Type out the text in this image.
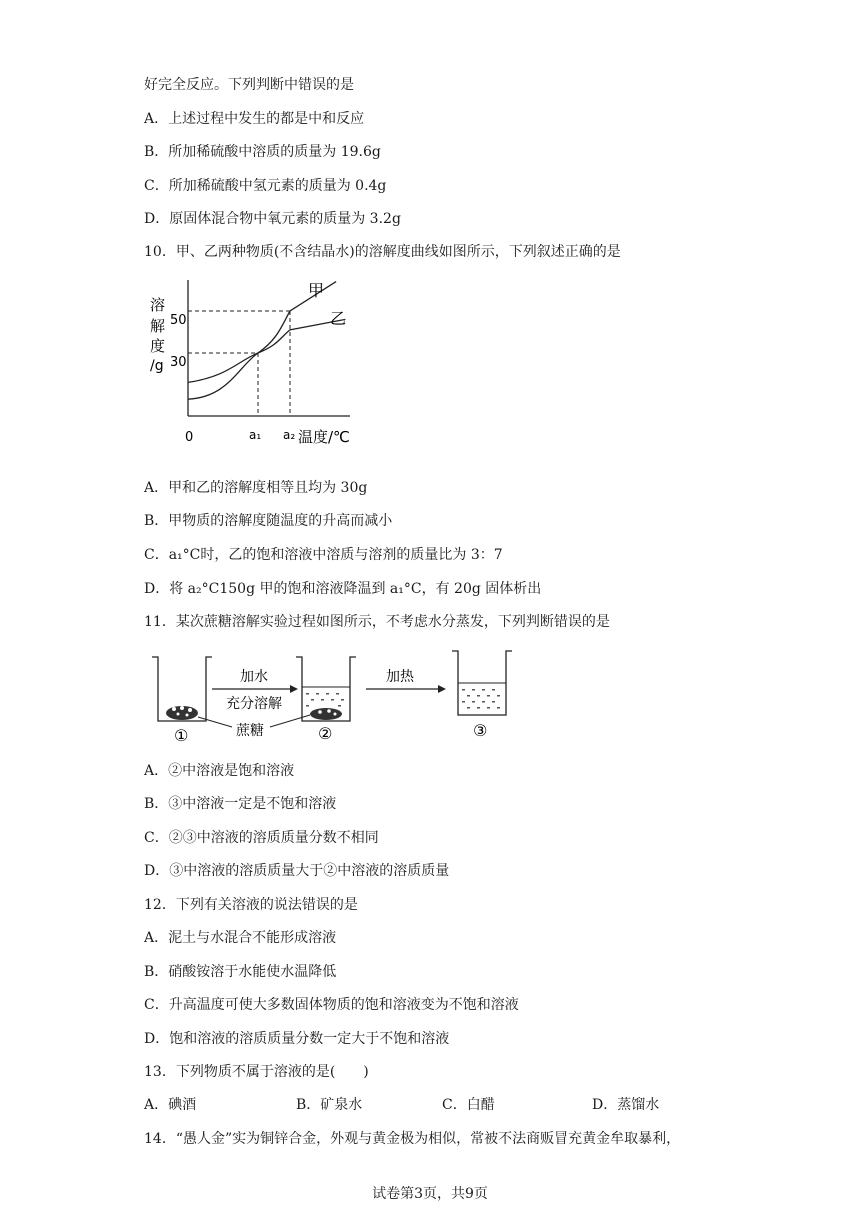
好完全反应。下列判断中错误的是
A．上述过程中发生的都是中和反应
B．所加稀硫酸中溶质的质量为 19.6g
C．所加稀硫酸中氢元素的质量为 0.4g
D．原固体混合物中氧元素的质量为 3.2g
10．甲、乙两种物质(不含结晶水)的溶解度曲线如图所示，下列叙述正确的是
溶
解
度
/g
50
30
0	a₁ a₂ 温度/℃
甲
乙
A．甲和乙的溶解度相等且均为 30g
B．甲物质的溶解度随温度的升高而减小
C．a₁°C时，乙的饱和溶液中溶质与溶剂的质量比为 3：7
D．将 a₂°C150g 甲的饱和溶液降温到 a₁°C，有 20g 固体析出
11．某次蔗糖溶解实验过程如图所示，不考虑水分蒸发，下列判断错误的是
加水
充分溶解
加热
蔗糖
①	②	③
A．②中溶液是饱和溶液
B．③中溶液一定是不饱和溶液
C．②③中溶液的溶质质量分数不相同
D．③中溶液的溶质质量大于②中溶液的溶质质量
12．下列有关溶液的说法错误的是
A．泥土与水混合不能形成溶液
B．硝酸铵溶于水能使水温降低
C．升高温度可使大多数固体物质的饱和溶液变为不饱和溶液
D．饱和溶液的溶质质量分数一定大于不饱和溶液
13．下列物质不属于溶液的是(　　)
A．碘酒	B．矿泉水	C．白醋	D．蒸馏水
14．“愚人金”实为铜锌合金，外观与黄金极为相似，常被不法商贩冒充黄金牟取暴利，
试卷第3页，共9页
